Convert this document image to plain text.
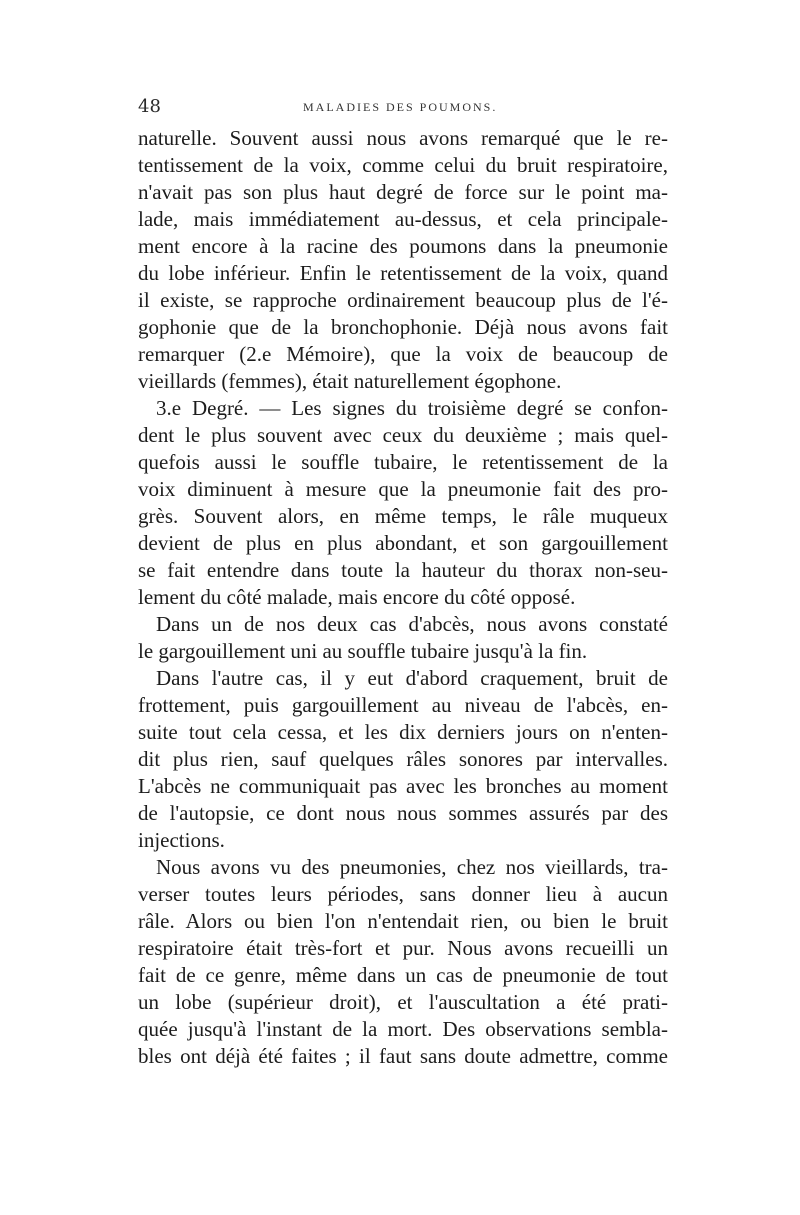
48	MALADIES DES POUMONS.
naturelle. Souvent aussi nous avons remarqué que le re-
tentissement de la voix, comme celui du bruit respiratoire,
n'avait pas son plus haut degré de force sur le point ma-
lade, mais immédiatement au-dessus, et cela principale-
ment encore à la racine des poumons dans la pneumonie
du lobe inférieur. Enfin le retentissement de la voix, quand
il existe, se rapproche ordinairement beaucoup plus de l'é-
gophonie que de la bronchophonie. Déjà nous avons fait
remarquer (2.e Mémoire), que la voix de beaucoup de
vieillards (femmes), était naturellement égophone.
3.e Degré. — Les signes du troisième degré se confon-
dent le plus souvent avec ceux du deuxième ; mais quel-
quefois aussi le souffle tubaire, le retentissement de la
voix diminuent à mesure que la pneumonie fait des pro-
grès. Souvent alors, en même temps, le râle muqueux
devient de plus en plus abondant, et son gargouillement
se fait entendre dans toute la hauteur du thorax non-seu-
lement du côté malade, mais encore du côté opposé.
Dans un de nos deux cas d'abcès, nous avons constaté
le gargouillement uni au souffle tubaire jusqu'à la fin.
Dans l'autre cas, il y eut d'abord craquement, bruit de
frottement, puis gargouillement au niveau de l'abcès, en-
suite tout cela cessa, et les dix derniers jours on n'enten-
dit plus rien, sauf quelques râles sonores par intervalles.
L'abcès ne communiquait pas avec les bronches au moment
de l'autopsie, ce dont nous nous sommes assurés par des
injections.
Nous avons vu des pneumonies, chez nos vieillards, tra-
verser toutes leurs périodes, sans donner lieu à aucun
râle. Alors ou bien l'on n'entendait rien, ou bien le bruit
respiratoire était très-fort et pur. Nous avons recueilli un
fait de ce genre, même dans un cas de pneumonie de tout
un lobe (supérieur droit), et l'auscultation a été prati-
quée jusqu'à l'instant de la mort. Des observations sembla-
bles ont déjà été faites ; il faut sans doute admettre, comme
